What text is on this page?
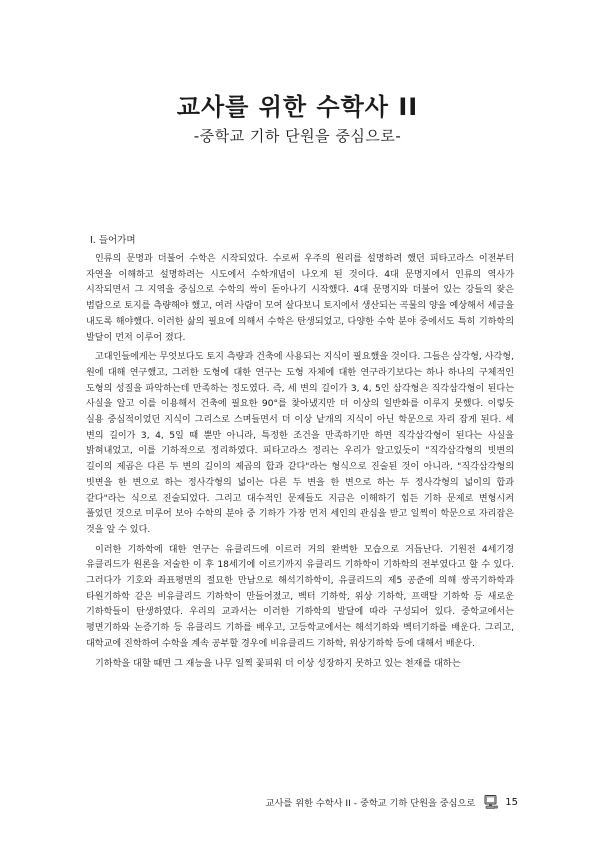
교사를 위한 수학사 II

-중학교 기하 단원을 중심으로-

Ⅰ. 들어가며

인류의 문명과 더불어 수학은 시작되었다. 수로써 우주의 원리를 설명하려 했던 피타고라스 이전부터 자연을 이해하고 설명하려는 시도에서 수학개념이 나오게 된 것이다. 4대 문명지에서 인류의 역사가 시작되면서 그 지역을 중심으로 수학의 싹이 돋아나기 시작했다. 4대 문명지와 더불어 있는 강들의 잦은 범람으로 토지를 측량해야 했고, 여러 사람이 모여 살다보니 토지에서 생산되는 곡물의 양을 예상해서 세금을 내도록 해야했다. 이러한 삶의 필요에 의해서 수학은 탄생되었고, 다양한 수학 분야 중에서도 특히 기하학의 발달이 먼저 이루어 졌다.

고대인들에게는 무엇보다도 토지 측량과 건축에 사용되는 지식이 필요했을 것이다. 그들은 삼각형, 사각형, 원에 대해 연구했고, 그러한 도형에 대한 연구는 도형 자체에 대한 연구라기보다는 하나 하나의 구체적인 도형의 성질을 파악하는데 만족하는 정도였다. 즉, 세 변의 길이가 3, 4, 5인 삼각형은 직각삼각형이 된다는 사실을 알고 이를 이용해서 건축에 필요한 90°를 찾아냈지만 더 이상의 일반화를 이루지 못했다. 이렇듯 실용 중심적이었던 지식이 그리스로 스며들면서 더 이상 낱개의 지식이 아닌 학문으로 자리 잡게 된다. 세 변의 길이가 3, 4, 5일 때 뿐만 아니라, 특정한 조건을 만족하기만 하면 직각삼각형이 된다는 사실을 밝혀내었고, 이를 기하적으로 정리하였다. 피타고라스 정리는 우리가 알고있듯이 "직각삼각형의 빗변의 길이의 제곱은 다른 두 변의 길이의 제곱의 합과 같다"라는 형식으로 진술된 것이 아니라, "직각삼각형의 빗변을 한 변으로 하는 정사각형의 넓이는 다른 두 변을 한 변으로 하는 두 정사각형의 넓이의 합과 같다"라는 식으로 진술되었다. 그리고 대수적인 문제들도 지금은 이해하기 힘든 기하 문제로 변형시켜 풀었던 것으로 미루어 보아 수학의 분야 중 기하가 가장 먼저 세인의 관심을 받고 일찍이 학문으로 자리잡은 것을 알 수 있다.

이러한 기하학에 대한 연구는 유클리드에 이르러 거의 완벽한 모습으로 거듭난다. 기원전 4세기경 유클리드가 원론을 저술한 이 후 18세기에 이르기까지 유클리드 기하학이 기하학의 전부였다고 할 수 있다. 그러다가 기호와 좌표평면의 절묘한 만남으로 해석기하학이, 유클리드의 제5 공준에 의해 쌍곡기하학과 타원기하학 같은 비유클리드 기하학이 만들어졌고, 벡터 기하학, 위상 기하학, 프랙탈 기하학 등 새로운 기하학들이 탄생하였다. 우리의 교과서는 이러한 기하학의 발달에 따라 구성되어 있다. 중학교에서는 평면기하와 논증기하 등 유클리드 기하를 배우고, 고등학교에서는 해석기하와 벡터기하를 배운다. 그리고, 대학교에 진학하여 수학을 계속 공부할 경우에 비유클리드 기하학, 위상기하학 등에 대해서 배운다.

기하학을 대할 때면 그 재능을 나무 일찍 꽃피워 더 이상 성장하지 못하고 있는 천재를 대하는

교사를 위한 수학사 II - 중학교 기하 단원을 중심으로	15
